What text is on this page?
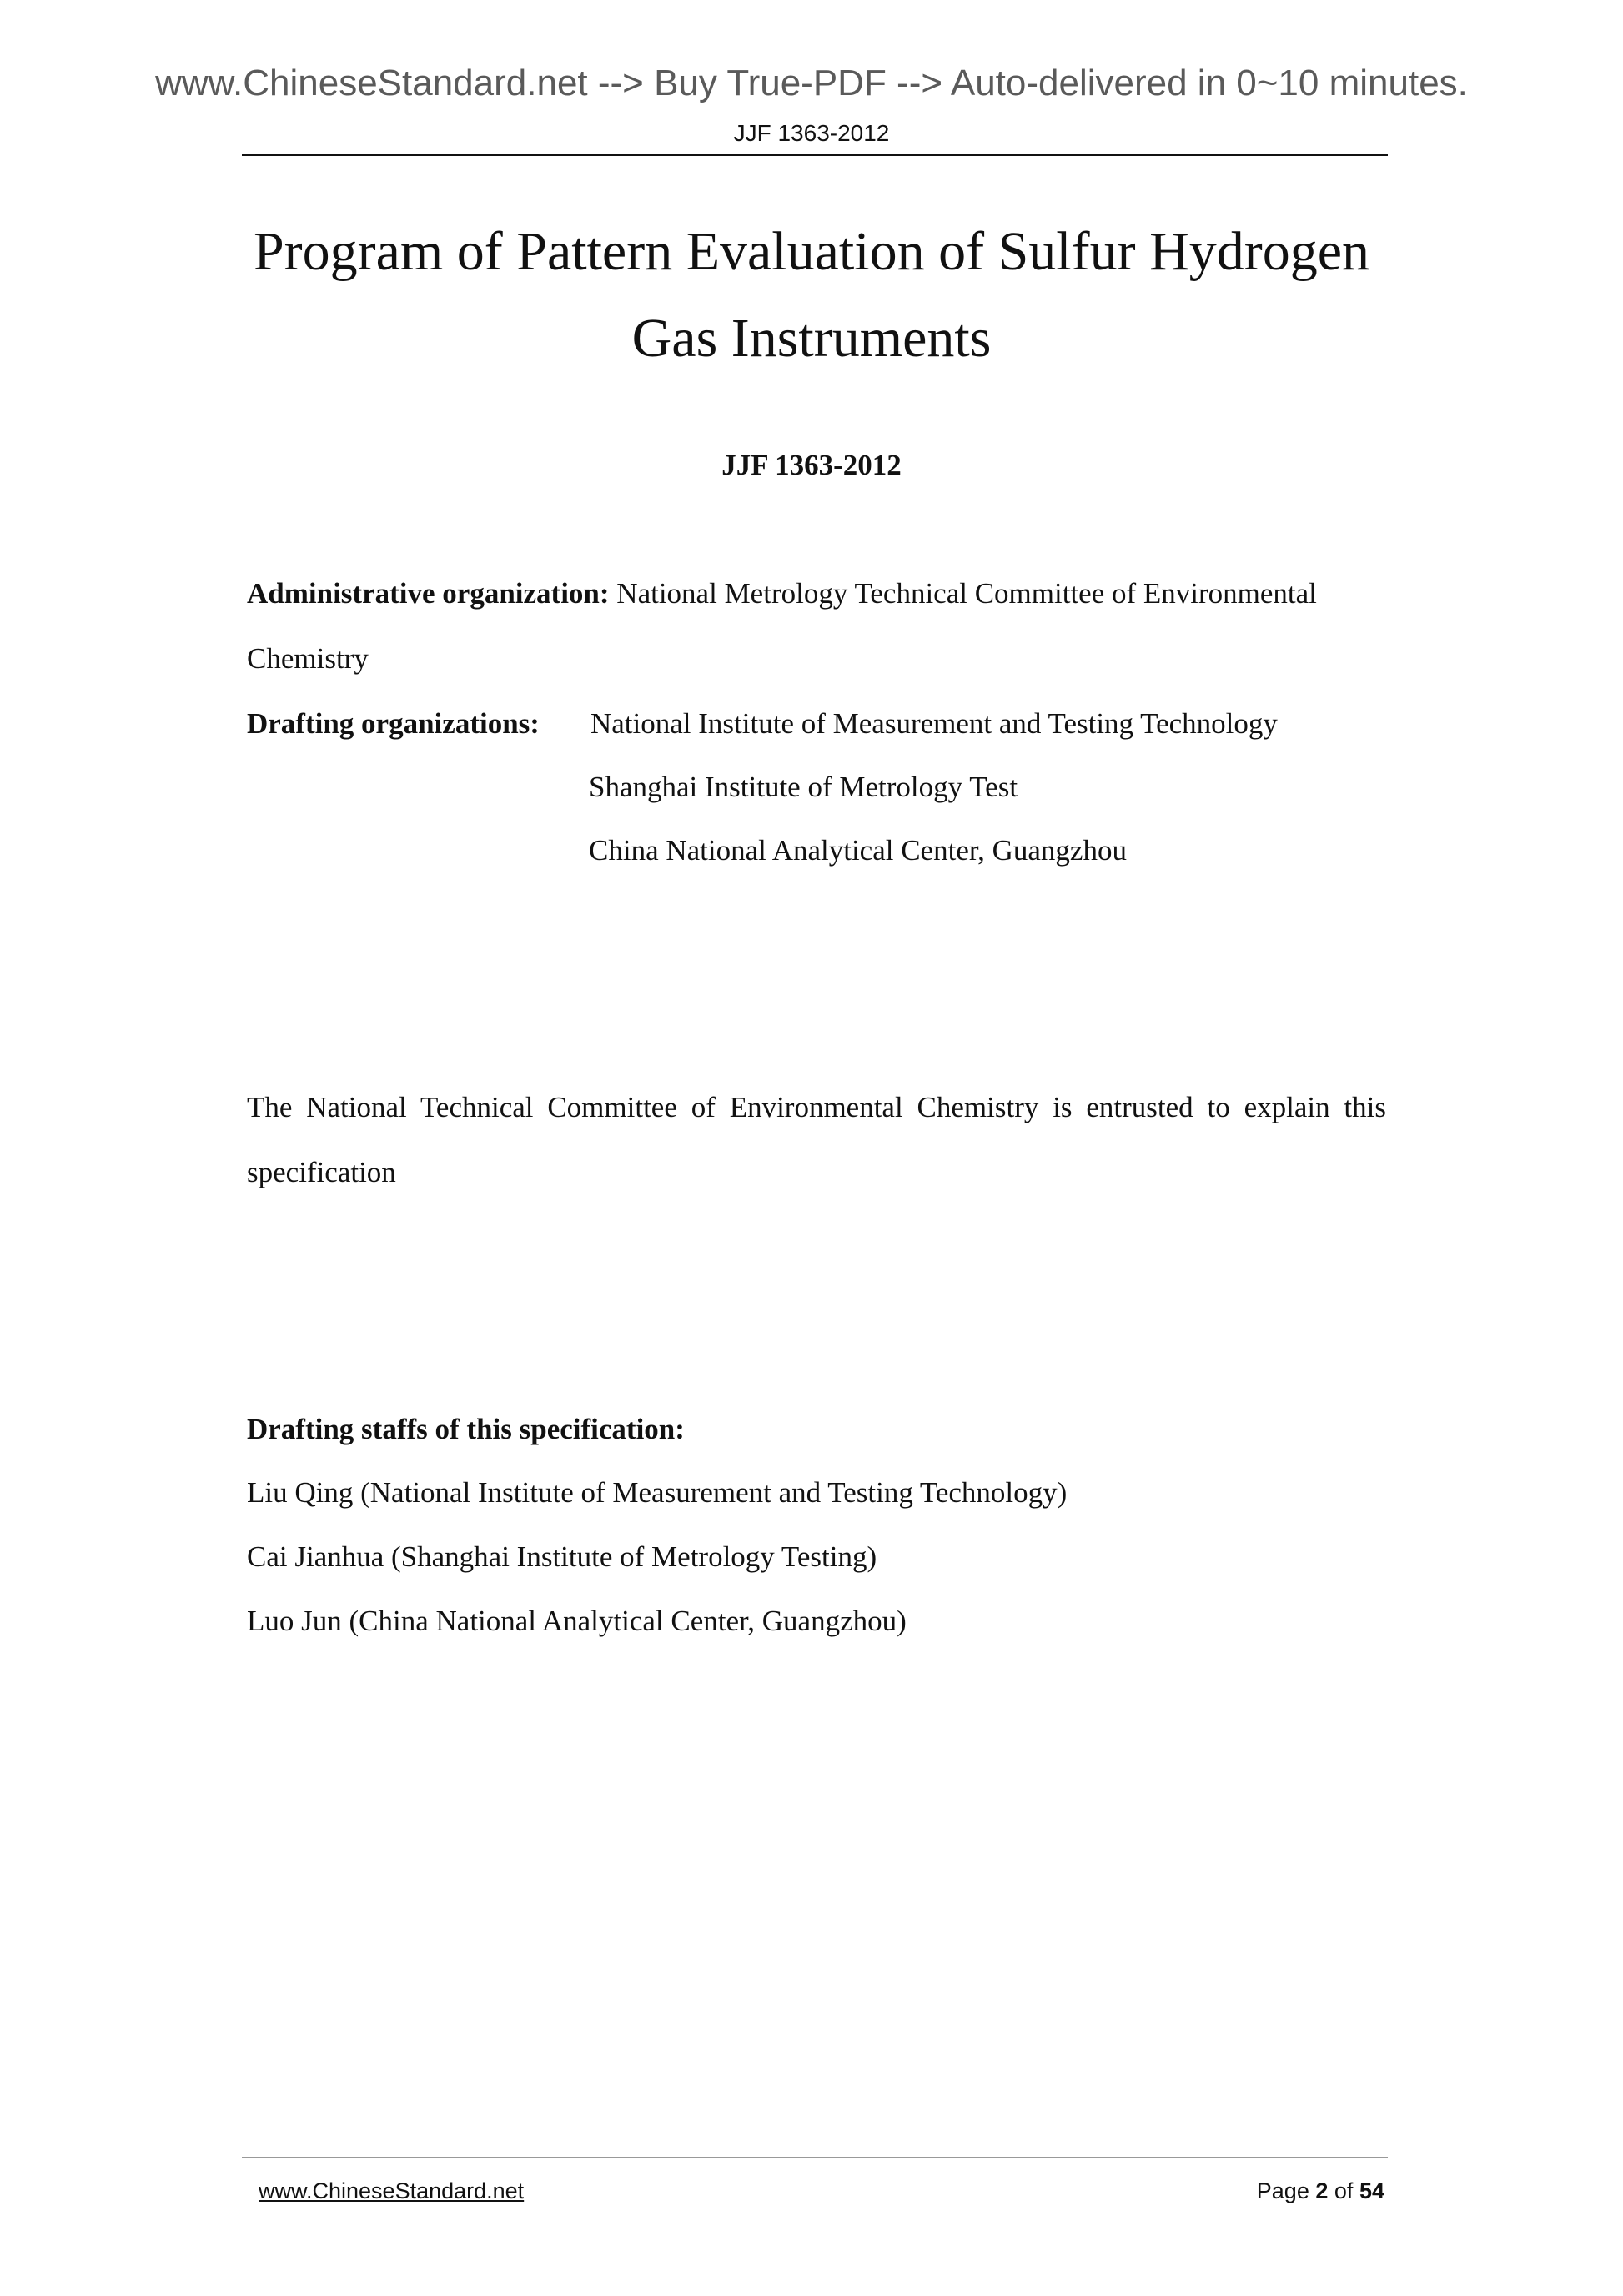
www.ChineseStandard.net --> Buy True-PDF --> Auto-delivered in 0~10 minutes.
JJF 1363-2012
Program of Pattern Evaluation of Sulfur Hydrogen
Gas Instruments
JJF 1363-2012
Administrative organization: National Metrology Technical Committee of Environmental
Chemistry
Drafting organizations: National Institute of Measurement and Testing Technology
Shanghai Institute of Metrology Test
China National Analytical Center, Guangzhou
The National Technical Committee of Environmental Chemistry is entrusted to explain this
specification
Drafting staffs of this specification:
Liu Qing (National Institute of Measurement and Testing Technology)
Cai Jianhua (Shanghai Institute of Metrology Testing)
Luo Jun (China National Analytical Center, Guangzhou)
www.ChineseStandard.net	Page 2 of 54
